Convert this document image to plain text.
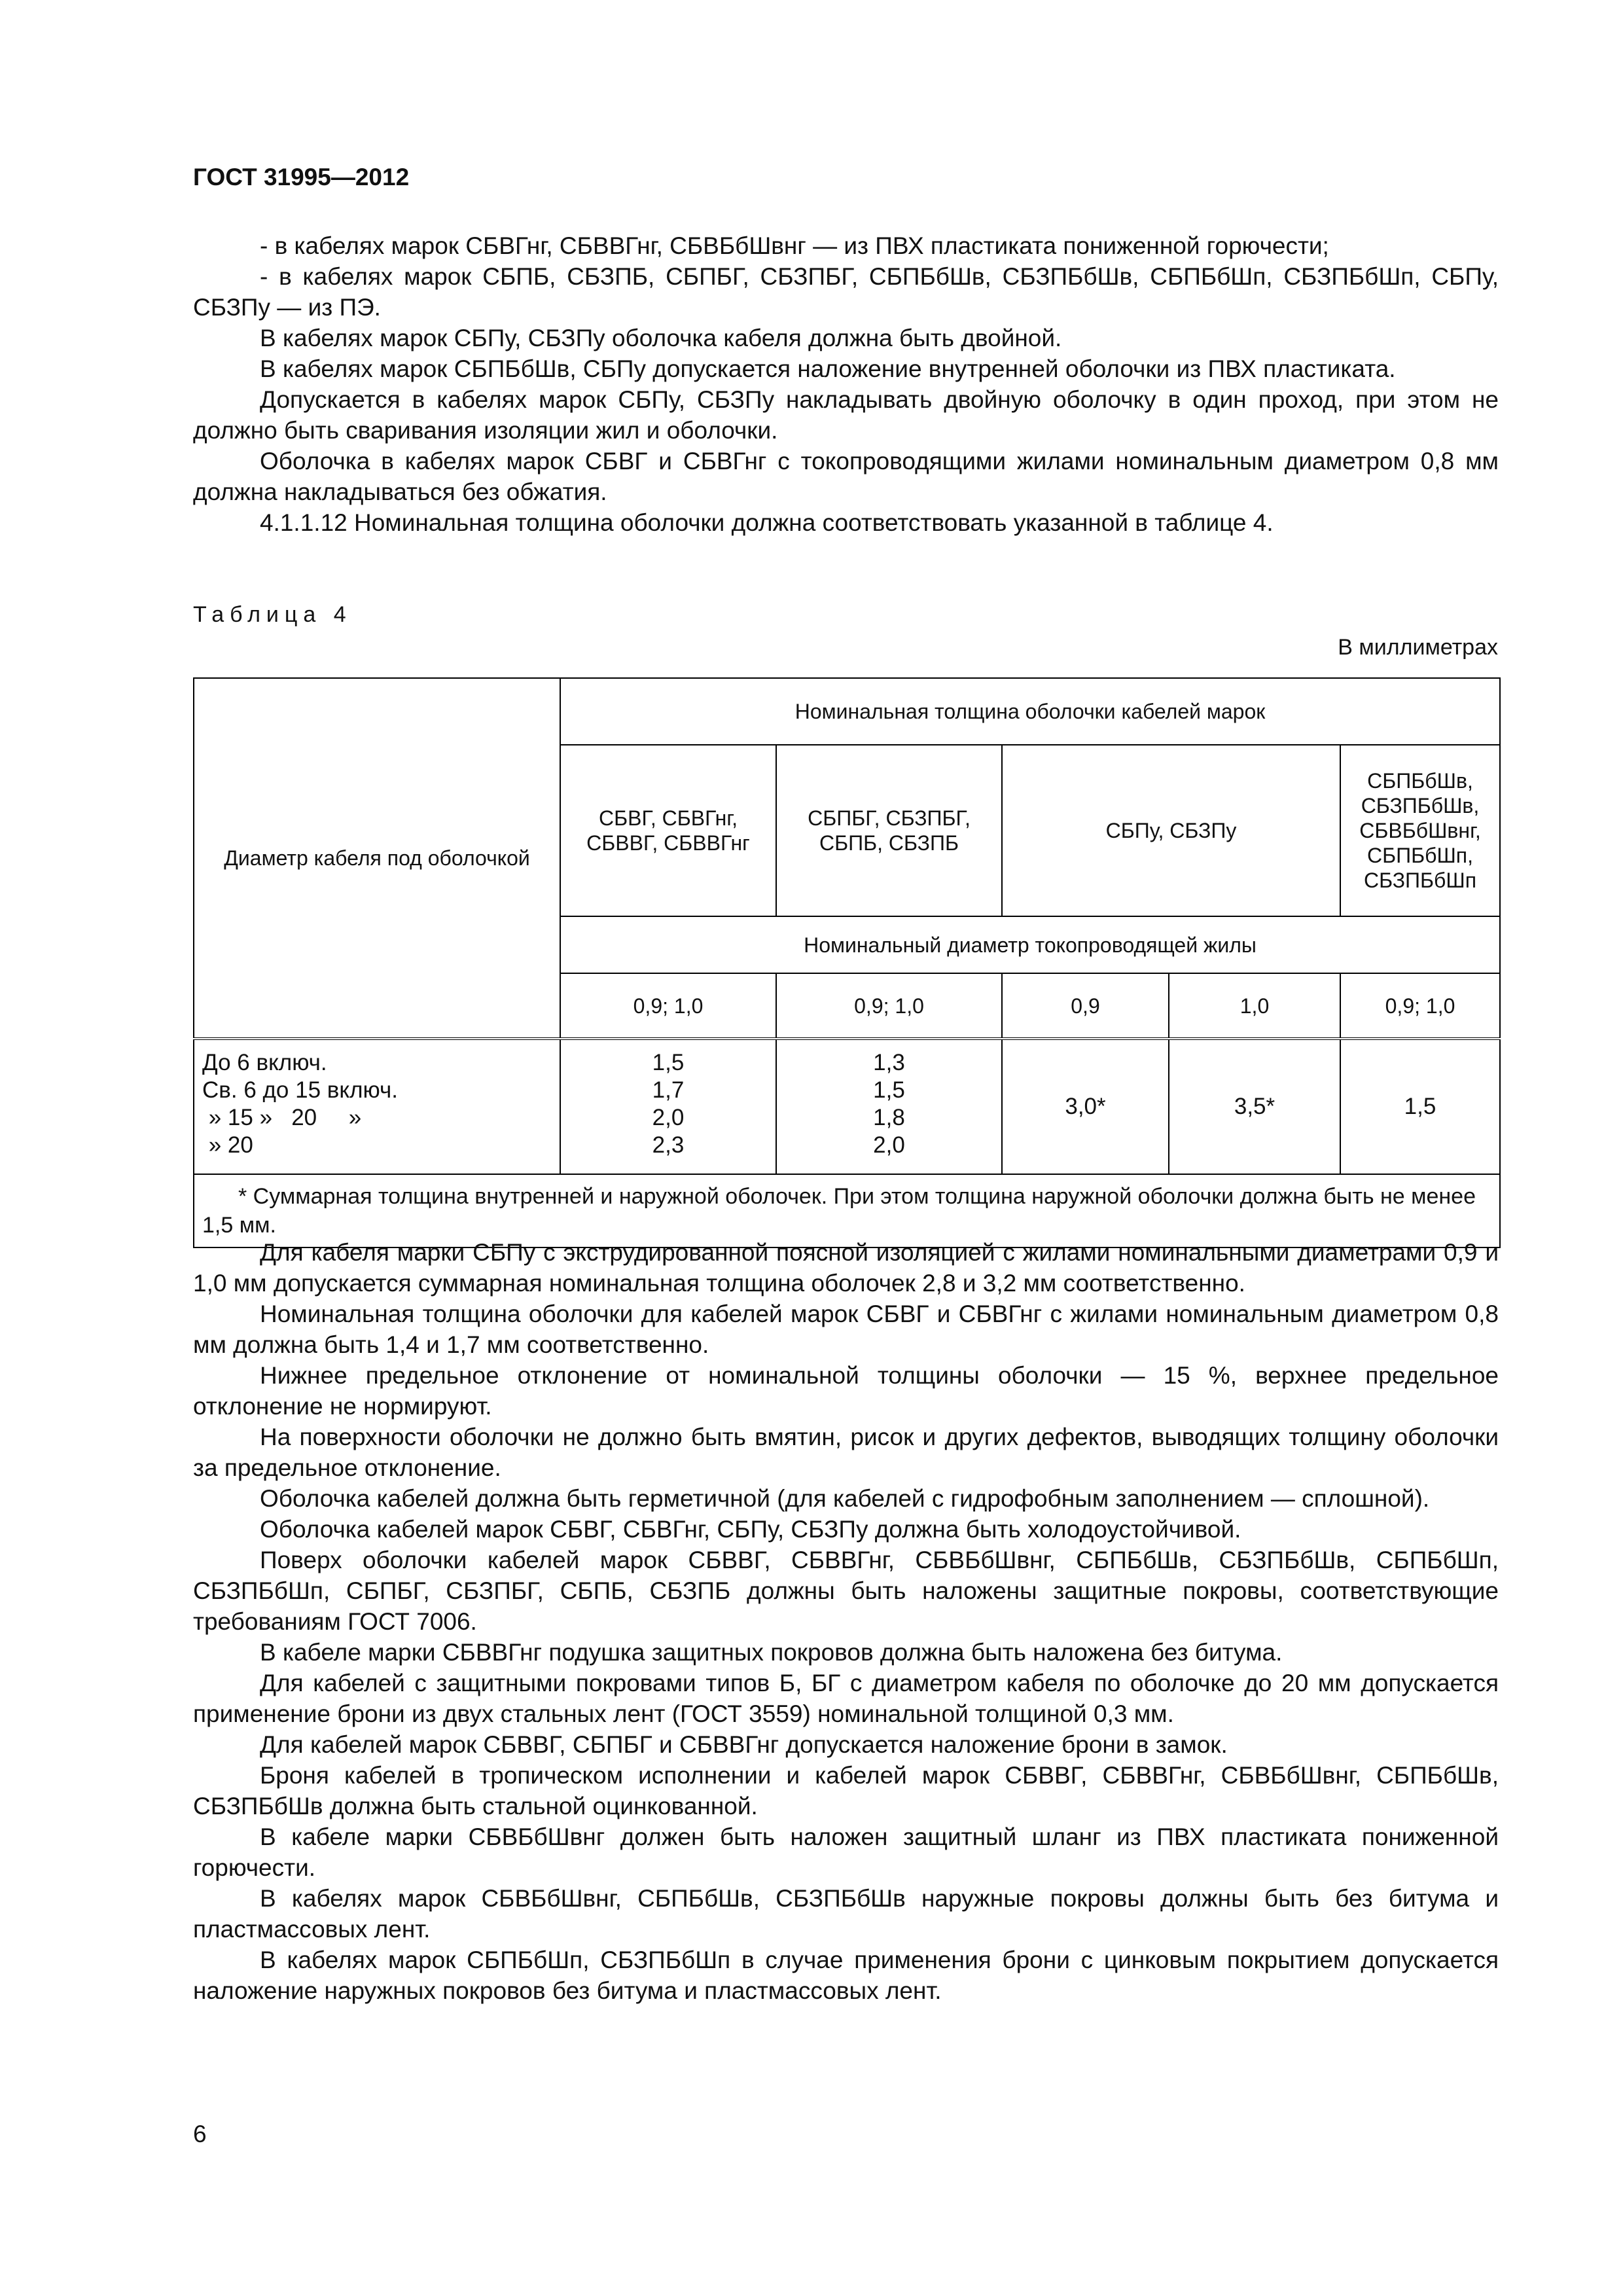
ГОСТ 31995—2012

- в кабелях марок СБВГнг, СБВВГнг, СБВБбШвнг — из ПВХ пластиката пониженной горючести;

- в кабелях марок СБПБ, СБЗПБ, СБПБГ, СБЗПБГ, СБПБбШв, СБЗПБбШв, СБПБбШп, СБЗПБбШп, СБПу, СБЗПу — из ПЭ.

В кабелях марок СБПу, СБЗПу оболочка кабеля должна быть двойной.

В кабелях марок СБПБбШв, СБПу допускается наложение внутренней оболочки из ПВХ пластиката.

Допускается в кабелях марок СБПу, СБЗПу накладывать двойную оболочку в один проход, при этом не должно быть сваривания изоляции жил и оболочки.

Оболочка в кабелях марок СБВГ и СБВГнг с токопроводящими жилами номинальным диаметром 0,8 мм должна накладываться без обжатия.

4.1.1.12 Номинальная толщина оболочки должна соответствовать указанной в таблице 4.

Таблица 4
В миллиметрах
Диаметр кабеля под оболочкой	Номинальная толщина оболочки кабелей марок				

	СБВГ, СБВГнг,
СБВВГ, СБВВГнг	СБПБГ, СБЗПБГ,
СБПБ, СБЗПБ	СБПу, СБЗПу		СБПБбШв,
СБЗПБбШв,
СБВБбШвнг,
СБПБбШп,
СБЗПБбШп

	Номинальный диаметр токопроводящей жилы				
	0,9; 1,0	0,9; 1,0	0,9	1,0	0,9; 1,0

До 6 включ.
Св. 6 до 15 включ.
» 15 »   20     »
» 20	1,5
1,7
2,0
2,3	1,3
1,5
1,8
2,0	3,0*	3,5*	1,5

* Суммарная толщина внутренней и наружной оболочек. При этом толщина наружной оболочки должна быть не менее 1,5 мм.					

Для кабеля марки СБПу с экструдированной поясной изоляцией с жилами номинальными диаметрами 0,9 и 1,0 мм допускается суммарная номинальная толщина оболочек 2,8 и 3,2 мм соответственно.

Номинальная толщина оболочки для кабелей марок СБВГ и СБВГнг с жилами номинальным диаметром 0,8 мм должна быть 1,4 и 1,7 мм соответственно.

Нижнее предельное отклонение от номинальной толщины оболочки — 15 %, верхнее предельное отклонение не нормируют.

На поверхности оболочки не должно быть вмятин, рисок и других дефектов, выводящих толщину оболочки за предельное отклонение.

Оболочка кабелей должна быть герметичной (для кабелей с гидрофобным заполнением — сплошной).

Оболочка кабелей марок СБВГ, СБВГнг, СБПу, СБЗПу должна быть холодоустойчивой.

Поверх оболочки кабелей марок СБВВГ, СБВВГнг, СБВБбШвнг, СБПБбШв, СБЗПБбШв, СБПБбШп, СБЗПБбШп, СБПБГ, СБЗПБГ, СБПБ, СБЗПБ должны быть наложены защитные покровы, соответствующие требованиям ГОСТ 7006.

В кабеле марки СБВВГнг подушка защитных покровов должна быть наложена без битума.

Для кабелей с защитными покровами типов Б, БГ с диаметром кабеля по оболочке до 20 мм допускается применение брони из двух стальных лент (ГОСТ 3559) номинальной толщиной 0,3 мм.

Для кабелей марок СБВВГ, СБПБГ и СБВВГнг допускается наложение брони в замок.

Броня кабелей в тропическом исполнении и кабелей марок СБВВГ, СБВВГнг, СБВБбШвнг, СБПБбШв, СБЗПБбШв должна быть стальной оцинкованной.

В кабеле марки СБВБбШвнг должен быть наложен защитный шланг из ПВХ пластиката пониженной горючести.

В кабелях марок СБВБбШвнг, СБПБбШв, СБЗПБбШв наружные покровы должны быть без битума и пластмассовых лент.

В кабелях марок СБПБбШп, СБЗПБбШп в случае применения брони с цинковым покрытием допускается наложение наружных покровов без битума и пластмассовых лент.

6
